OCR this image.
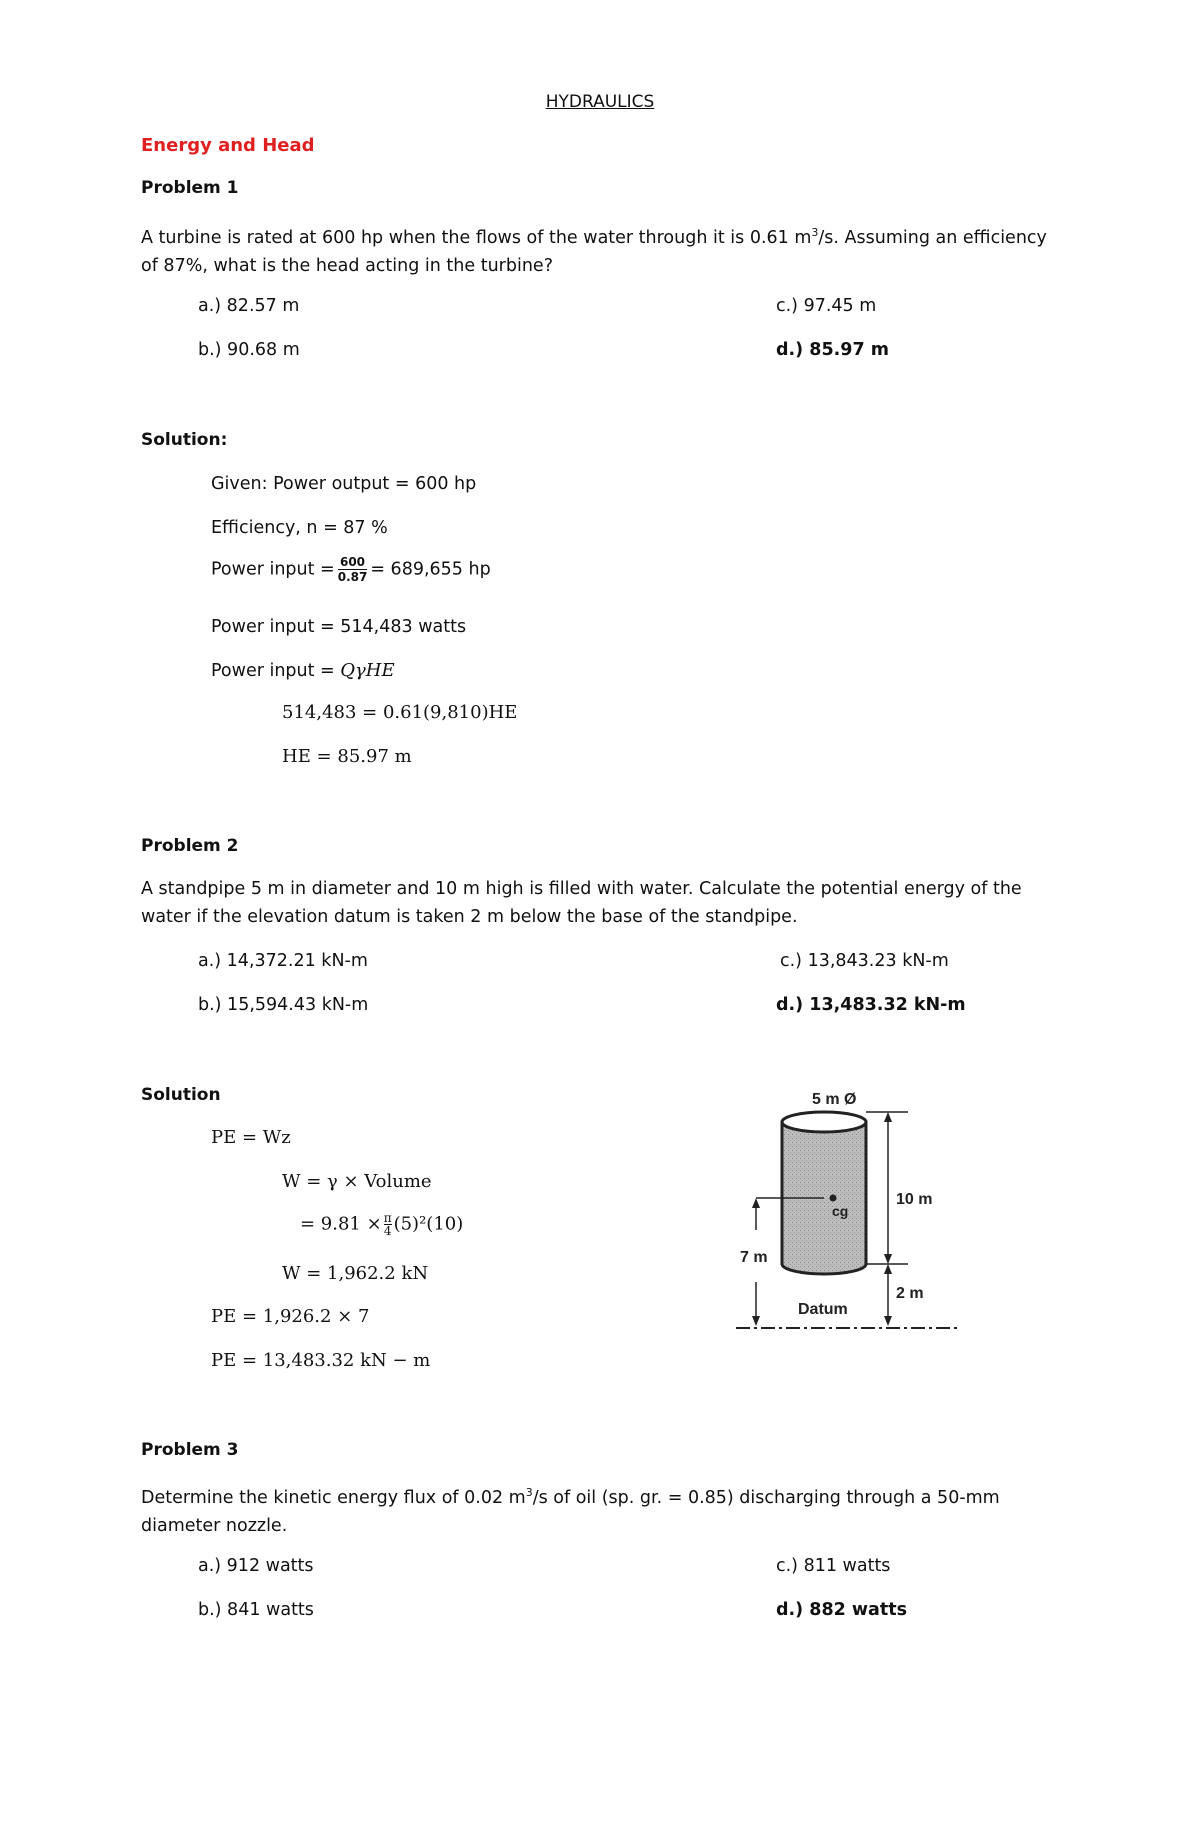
HYDRAULICS
Energy and Head
Problem 1
A turbine is rated at 600 hp when the flows of the water through it is 0.61 $m^3/s$. Assuming an efficiency
of 87%, what is the head acting in the turbine?
a.) 82.57 m	c.) 97.45 m
b.) 90.68 m	d.) 85.97 m
Solution:
Given: Power output = 600 hp
Efficiency, n = 87 %
Power input = $\frac{600}{0.87} = 689,655$ hp
Power input = 514,483 watts
Power input = QγHE
514,483 = 0.61(9,810)HE
HE = 85.97 m
Problem 2
A standpipe 5 m in diameter and 10 m high is filled with water. Calculate the potential energy of the
water if the elevation datum is taken 2 m below the base of the standpipe.
a.) 14,372.21 kN-m	c.) 13,843.23 kN-m
b.) 15,594.43 kN-m	d.) 13,483.32 kN-m
Solution
PE = Wz
W = γ × Volume
= $9.81 \times \frac{\pi}{4} (5)^2(10)$
W = 1,962.2 kN
PE = 1,926.2 × 7
PE = 13,483.32 kN − m
5 m Ø
cg
10 m
7 m
2 m
Datum
Problem 3
Determine the kinetic energy flux of 0.02 $m^3/s$ of oil (sp. gr. = 0.85) discharging through a 50-mm
diameter nozzle.
a.) 912 watts	c.) 811 watts
b.) 841 watts	d.) 882 watts
